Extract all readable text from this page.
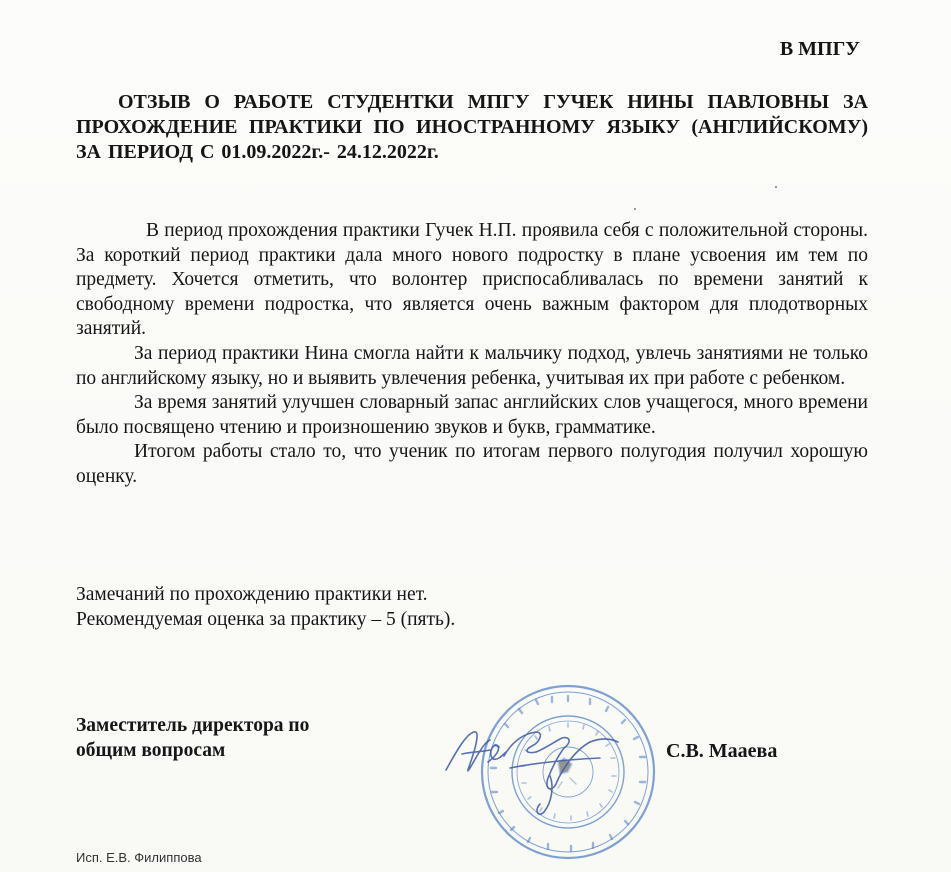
В МПГУ
ОТЗЫВ О РАБОТЕ СТУДЕНТКИ МПГУ ГУЧЕК НИНЫ ПАВЛОВНЫ ЗА ПРОХОЖДЕНИЕ ПРАКТИКИ ПО ИНОСТРАННОМУ ЯЗЫКУ (АНГЛИЙСКОМУ) ЗА ПЕРИОД С 01.09.2022г.- 24.12.2022г.

В период прохождения практики Гучек Н.П. проявила себя с положительной стороны. За короткий период практики дала много нового подростку в плане усвоения им тем по предмету. Хочется отметить, что волонтер приспосабливалась по времени занятий к свободному времени подростка, что является очень важным фактором для плодотворных занятий.

За период практики Нина смогла найти к мальчику подход, увлечь занятиями не только по английскому языку, но и выявить увлечения ребенка, учитывая их при работе с ребенком.

За время занятий улучшен словарный запас английских слов учащегося, много времени было посвящено чтению и произношению звуков и букв, грамматике.

Итогом работы стало то, что ученик по итогам первого полугодия получил хорошую оценку.

Замечаний по прохождению практики нет.
Рекомендуемая оценка за практику – 5 (пять).
Заместитель директора по
общим вопросам	С.В. Маaева
Исп. Е.В. Филиппова
